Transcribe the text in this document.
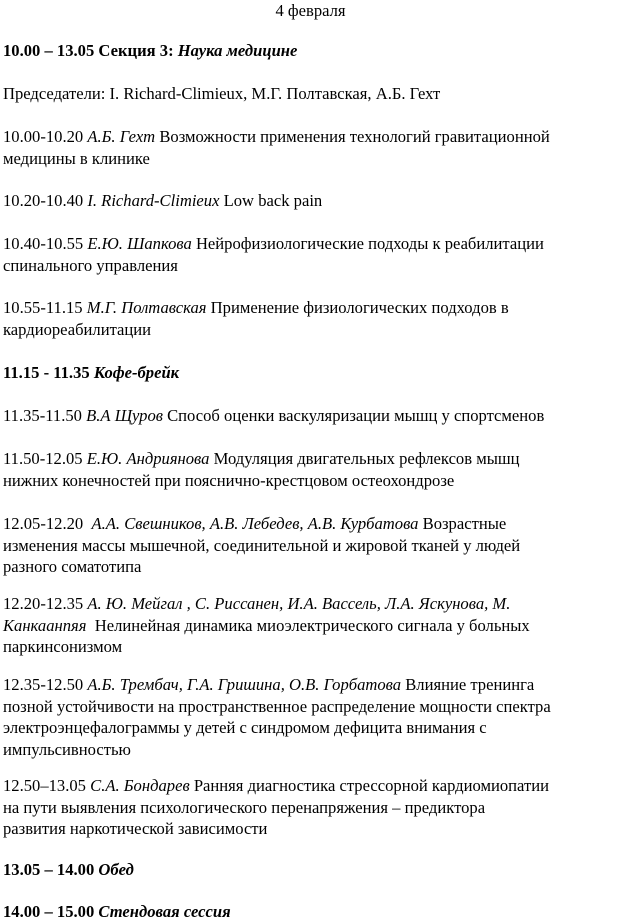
4 февраля
10.00 – 13.05 Секция 3: Наука медицине
Председатели: I. Richard-Climieux, М.Г. Полтавская, А.Б. Гехт
10.00-10.20 А.Б. Гехт Возможности применения технологий гравитационной
медицины в клинике
10.20-10.40 I. Richard-Climieux Low back pain
10.40-10.55 Е.Ю. Шапкова Нейрофизиологические подходы к реабилитации
спинального управления
10.55-11.15 М.Г. Полтавская Применение физиологических подходов в
кардиореабилитации
11.15 - 11.35 Кофе-брейк
11.35-11.50 В.А Щуров Способ оценки васкуляризации мышц у спортсменов
11.50-12.05 Е.Ю. Андриянова Модуляция двигательных рефлексов мышц
нижних конечностей при пояснично-крестцовом остеохондрозе
12.05-12.20 А.А. Свешников, А.В. Лебедев, А.В. Курбатова Возрастные
изменения массы мышечной, соединительной и жировой тканей у людей
разного соматотипа
12.20-12.35 А. Ю. Мейгал , С. Риссанен, И.А. Вассель, Л.А. Яскунова, М.
Канкаанпяя Нелинейная динамика миоэлектрического сигнала у больных
паркинсонизмом
12.35-12.50 А.Б. Трембач, Г.А. Гришина, О.В. Горбатова Влияние тренинга
позной устойчивости на пространственное распределение мощности спектра
электроэнцефалограммы у детей с синдромом дефицита внимания с
импульсивностью
12.50–13.05 С.А. Бондарев Ранняя диагностика стрессорной кардиомиопатии
на пути выявления психологического перенапряжения – предиктора
развития наркотической зависимости
13.05 – 14.00 Обед
14.00 – 15.00 Стендовая сессия
